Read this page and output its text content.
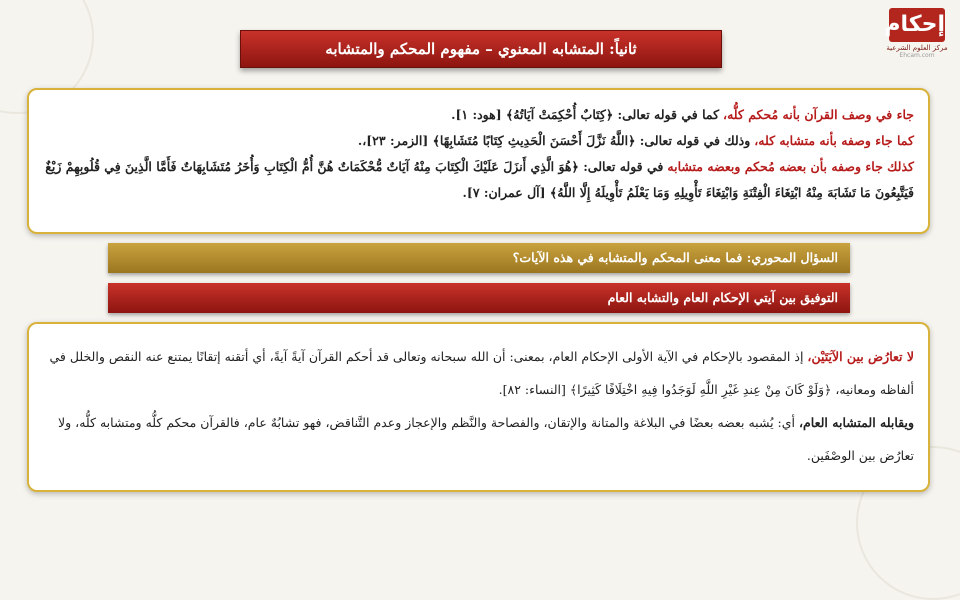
إحكام
مركز العلوم الشرعية
Ehcam.com
ثانياً: المتشابه المعنوي – مفهوم المحكم والمتشابه

جاء في وصف القرآن بأنه مُحكم كلُّه، كما في قوله تعالى: ﴿كِتَابٌ أُحْكِمَتْ آيَاتُهُ﴾ [هود: ١].

كما جاء وصفه بأنه متشابه كله، وذلك في قوله تعالى: ﴿اللَّهُ نَزَّلَ أَحْسَنَ الْحَدِيثِ كِتَابًا مُتَشَابِهًا﴾ [الزمر: ٢٣]،.

كذلك جاء وصفه بأن بعضه مُحكم وبعضه متشابه في قوله تعالى: ﴿هُوَ الَّذِي أَنزَلَ عَلَيْكَ الْكِتَابَ مِنْهُ آيَاتٌ مُّحْكَمَاتٌ هُنَّ أُمُّ الْكِتَابِ وَأُخَرُ مُتَشَابِهَاتٌ فَأَمَّا الَّذِينَ فِي قُلُوبِهِمْ زَيْغٌ فَيَتَّبِعُونَ مَا تَشَابَهَ مِنْهُ ابْتِغَاءَ الْفِتْنَةِ وَابْتِغَاءَ تَأْوِيلِهِ وَمَا يَعْلَمُ تَأْوِيلَهُ إِلَّا اللَّهُ﴾ [آل عمران: ٧].

السؤال المحوري: فما معنى المحكم والمتشابه في هذه الآيات؟
التوفيق بين آيتي الإحكام العام والتشابه العام

لا تعارُض بين الآيَتَيْن، إذ المقصود بالإحكام في الآية الأولى الإحكام العام، بمعنى: أن الله سبحانه وتعالى قد أحكم القرآن آيةً آيةً، أي أتقنه إتقانًا يمتنع عنه النقص والخلل في ألفاظه ومعانيه، ﴿وَلَوْ كَانَ مِنْ عِندِ غَيْرِ اللَّهِ لَوَجَدُوا فِيهِ اخْتِلَافًا كَثِيرًا﴾ [النساء: ٨٢].

ويقابله المتشابه العام، أي: يُشبه بعضه بعضًا في البلاغة والمتانة والإتقان، والفصاحة والنَّظم والإعجاز وعدم التَّناقض، فهو تشابُهٌ عام، فالقرآن محكم كلُّه ومتشابه كلُّه، ولا تعارُض بين الوصْفَين.
